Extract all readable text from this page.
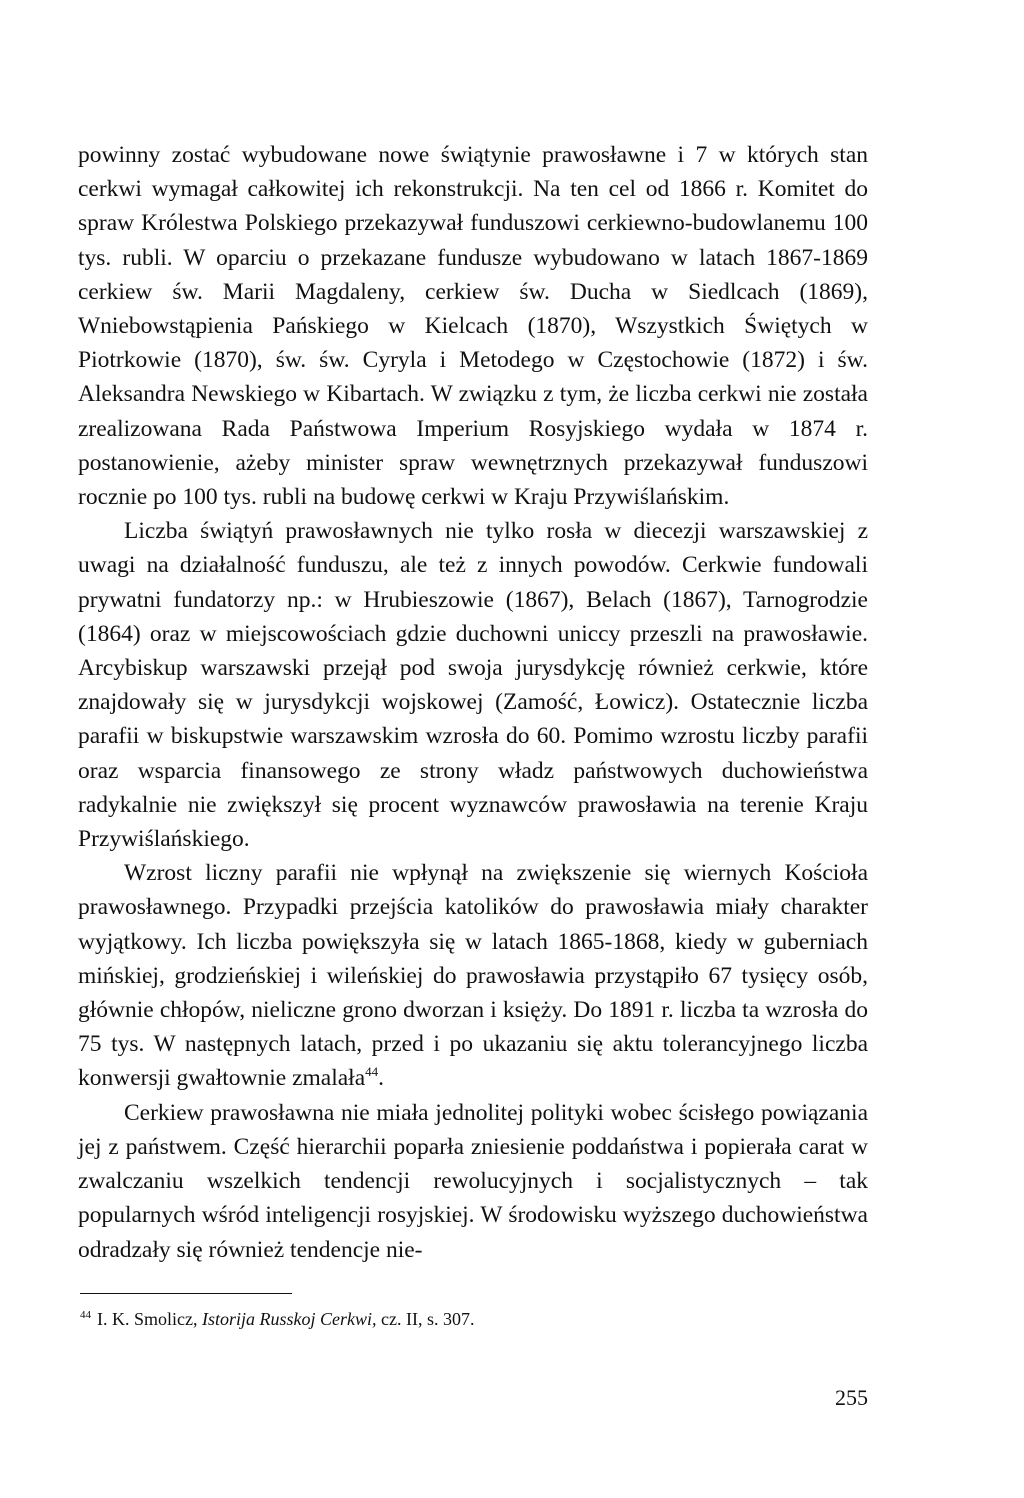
powinny zostać wybudowane nowe świątynie prawosławne i 7 w których stan cerkwi wymagał całkowitej ich rekonstrukcji. Na ten cel od 1866 r. Komitet do spraw Królestwa Polskiego przekazywał funduszowi cerkiewno-budowlanemu 100 tys. rubli. W oparciu o przekazane fundusze wybudowano w latach 1867-1869 cerkiew św. Marii Magdaleny, cerkiew św. Ducha w Siedlcach (1869), Wniebowstąpienia Pańskiego w Kielcach (1870), Wszystkich Świętych w Piotrkowie (1870), św. św. Cyryla i Metodego w Częstochowie (1872) i św. Aleksandra Newskiego w Kibartach. W związku z tym, że liczba cerkwi nie została zrealizowana Rada Państwowa Imperium Rosyjskiego wydała w 1874 r. postanowienie, ażeby minister spraw wewnętrznych przekazywał funduszowi rocznie po 100 tys. rubli na budowę cerkwi w Kraju Przywiślańskim.

Liczba świątyń prawosławnych nie tylko rosła w diecezji warszawskiej z uwagi na działalność funduszu, ale też z innych powodów. Cerkwie fundowali prywatni fundatorzy np.: w Hrubieszowie (1867), Belach (1867), Tarnogrodzie (1864) oraz w miejscowościach gdzie duchowni uniccy przeszli na prawosławie. Arcybiskup warszawski przejął pod swoja jurysdykcję również cerkwie, które znajdowały się w jurysdykcji wojskowej (Zamość, Łowicz). Ostatecznie liczba parafii w biskupstwie warszawskim wzrosła do 60. Pomimo wzrostu liczby parafii oraz wsparcia finansowego ze strony władz państwowych duchowieństwa radykalnie nie zwiększył się procent wyznawców prawosławia na terenie Kraju Przywiślańskiego.

Wzrost liczny parafii nie wpłynął na zwiększenie się wiernych Kościoła prawosławnego. Przypadki przejścia katolików do prawosławia miały charakter wyjątkowy. Ich liczba powiększyła się w latach 1865-1868, kiedy w guberniach mińskiej, grodzieńskiej i wileńskiej do prawosławia przystąpiło 67 tysięcy osób, głównie chłopów, nieliczne grono dworzan i księży. Do 1891 r. liczba ta wzrosła do 75 tys. W następnych latach, przed i po ukazaniu się aktu tolerancyjnego liczba konwersji gwałtownie zmalała$^{44}$.

Cerkiew prawosławna nie miała jednolitej polityki wobec ścisłego powiązania jej z państwem. Część hierarchii poparła zniesienie poddaństwa i popierała carat w zwalczaniu wszelkich tendencji rewolucyjnych i socjalistycznych – tak popularnych wśród inteligencji rosyjskiej. W środowisku wyższego duchowieństwa odradzały się również tendencje nie-

$^{44}$ I. K. Smolicz, Istorija Russkoj Cerkwi, cz. II, s. 307.
255
